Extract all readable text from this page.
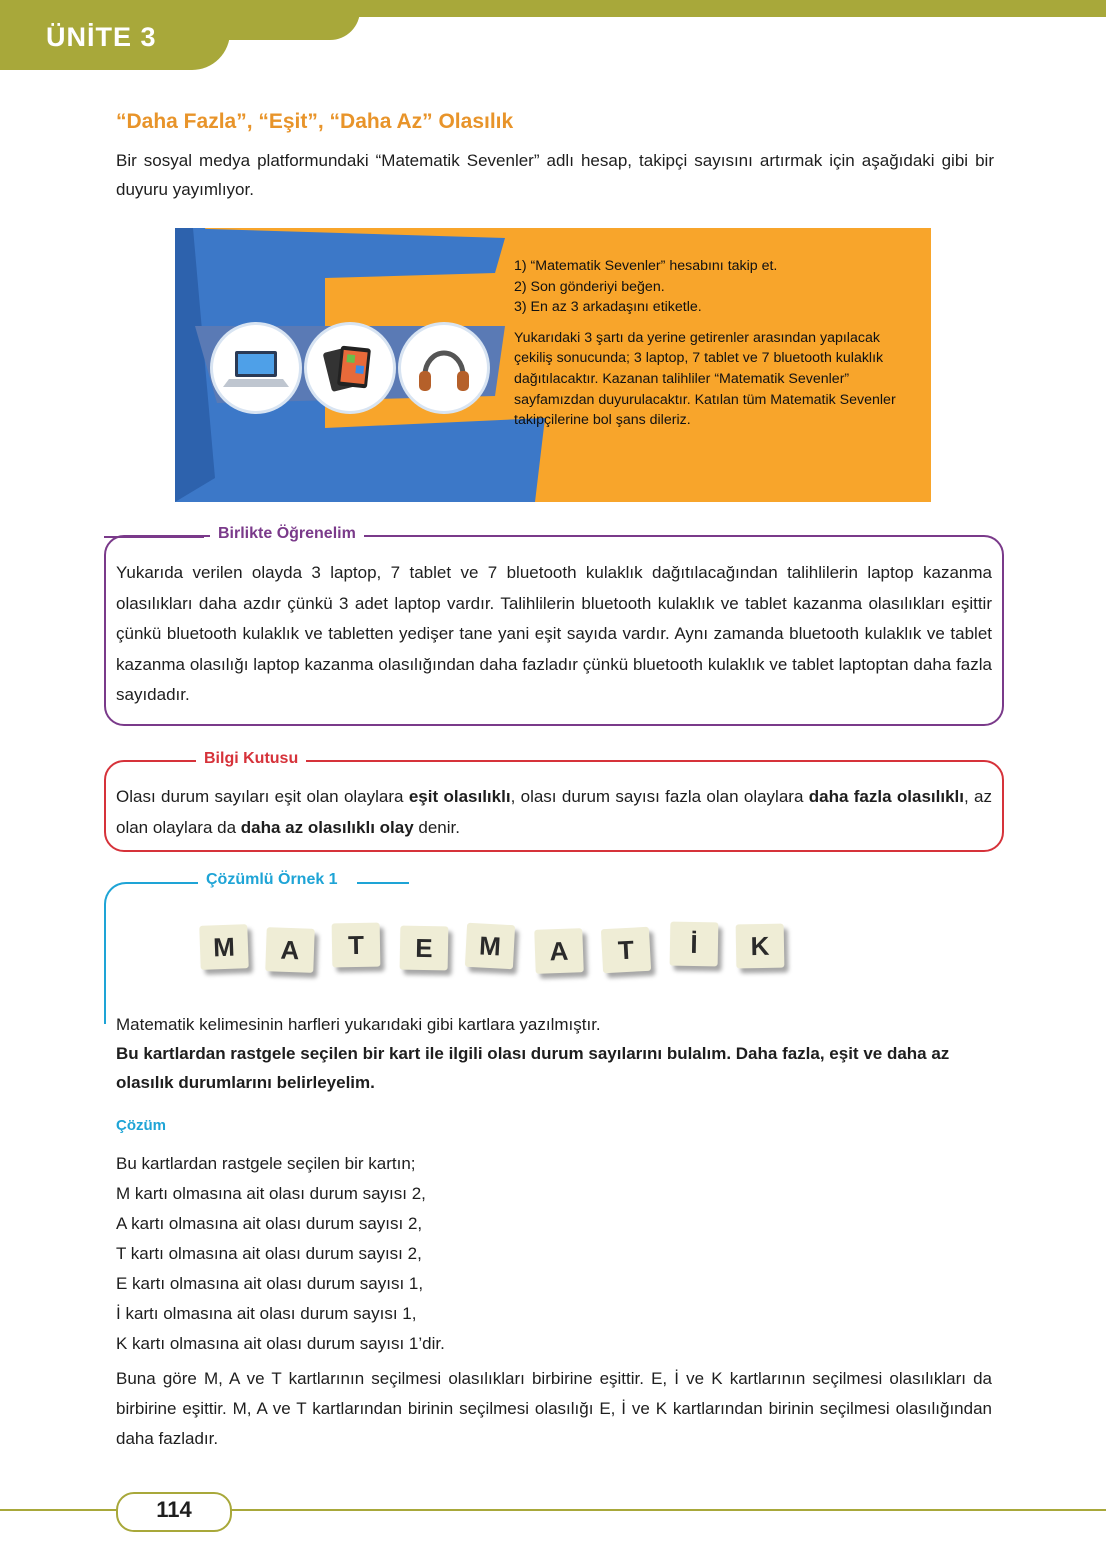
ÜNİTE 3
“Daha Fazla”, “Eşit”, “Daha Az” Olasılık
Bir sosyal medya platformundaki “Matematik Sevenler” adlı hesap, takipçi sayısını artırmak için aşağıdaki gibi bir duyuru yayımlıyor.
1) “Matematik Sevenler” hesabını takip et.
2) Son gönderiyi beğen.
3) En az 3 arkadaşını etiketle.
Yukarıdaki 3 şartı da yerine getirenler arasından yapılacak çekiliş sonucunda; 3 laptop, 7 tablet ve 7 bluetooth kulaklık dağıtılacaktır. Kazanan talihliler “Matematik Sevenler” sayfamızdan duyurulacaktır. Katılan tüm Matematik Sevenler takipçilerine bol şans dileriz.
Birlikte Öğrenelim
Yukarıda verilen olayda 3 laptop, 7 tablet ve 7 bluetooth kulaklık dağıtılacağından talihlilerin laptop kazanma olasılıkları daha azdır çünkü 3 adet laptop vardır. Talihlilerin bluetooth kulaklık ve tablet kazanma olasılıkları eşittir çünkü bluetooth kulaklık ve tabletten yedişer tane yani eşit sayıda vardır. Aynı zamanda bluetooth kulaklık ve tablet kazanma olasılığı laptop kazanma olasılığından daha fazladır çünkü bluetooth kulaklık ve tablet laptoptan daha fazla sayıdadır.
Bilgi Kutusu
Olası durum sayıları eşit olan olaylara eşit olasılıklı, olası durum sayısı fazla olan olaylara daha fazla olasılıklı, az olan olaylara da daha az olasılıklı olay denir.
Çözümlü Örnek 1
M	A	T	E	M	A	T	İ	K
Matematik kelimesinin harfleri yukarıdaki gibi kartlara yazılmıştır.
Bu kartlardan rastgele seçilen bir kart ile ilgili olası durum sayılarını bulalım. Daha fazla, eşit ve daha az olasılık durumlarını belirleyelim.
Çözüm
Bu kartlardan rastgele seçilen bir kartın;
M kartı olmasına ait olası durum sayısı 2,
A kartı olmasına ait olası durum sayısı 2,
T kartı olmasına ait olası durum sayısı 2,
E kartı olmasına ait olası durum sayısı 1,
İ kartı olmasına ait olası durum sayısı 1,
K kartı olmasına ait olası durum sayısı 1’dir.
Buna göre M, A ve T kartlarının seçilmesi olasılıkları birbirine eşittir. E, İ ve K kartlarının seçilmesi olasılıkları da birbirine eşittir. M, A ve T kartlarından birinin seçilmesi olasılığı E, İ ve K kartlarından birinin seçilmesi olasılığından daha fazladır.
114
